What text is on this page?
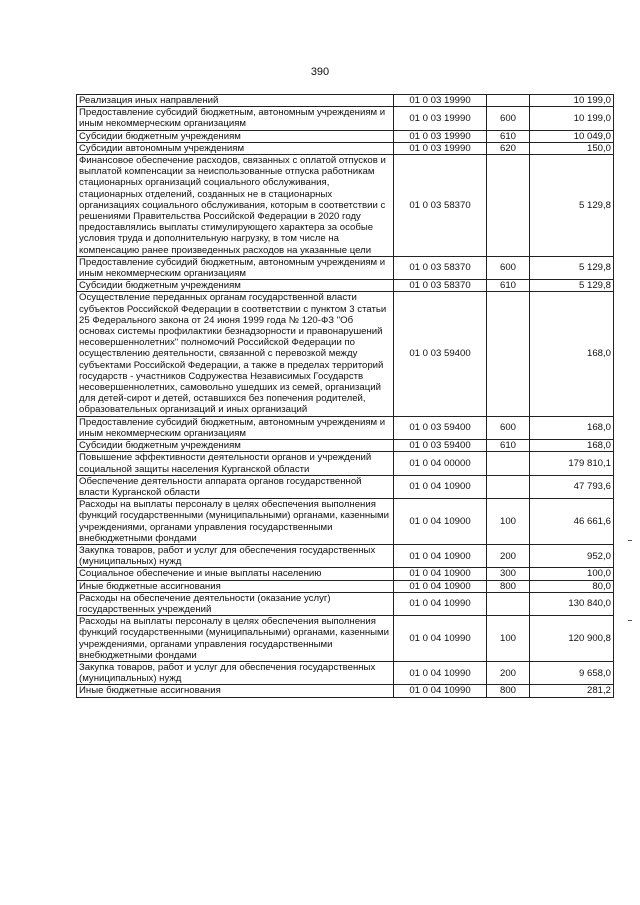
390
Реализация иных направлений	01 0 03 19990		10 199,0
Предоставление субсидий бюджетным, автономным учреждениям и иным некоммерческим организациям	01 0 03 19990	600	10 199,0
Субсидии бюджетным учреждениям	01 0 03 19990	610	10 049,0
Субсидии автономным учреждениям	01 0 03 19990	620	150,0
Финансовое обеспечение расходов, связанных с оплатой отпусков и выплатой компенсации за неиспользованные отпуска работникам стационарных организаций социального обслуживания, стационарных отделений, созданных не в стационарных организациях социального обслуживания, которым в соответствии с решениями Правительства Российской Федерации в 2020 году предоставлялись выплаты стимулирующего характера за особые условия труда и дополнительную нагрузку, в том числе на компенсацию ранее произведенных расходов на указанные цели	01 0 03 58370		5 129,8
Предоставление субсидий бюджетным, автономным учреждениям и иным некоммерческим организациям	01 0 03 58370	600	5 129,8
Субсидии бюджетным учреждениям	01 0 03 58370	610	5 129,8
Осуществление переданных органам государственной власти субъектов Российской Федерации в соответствии с пунктом 3 статьи 25 Федерального закона от 24 июня 1999 года № 120-ФЗ "Об основах системы профилактики безнадзорности и правонарушений несовершеннолетних" полномочий Российской Федерации по осуществлению деятельности, связанной с перевозкой между субъектами Российской Федерации, а также в пределах территорий государств - участников Содружества Независимых Государств несовершеннолетних, самовольно ушедших из семей, организаций для детей-сирот и детей, оставшихся без попечения родителей, образовательных организаций и иных организаций	01 0 03 59400		168,0
Предоставление субсидий бюджетным, автономным учреждениям и иным некоммерческим организациям	01 0 03 59400	600	168,0
Субсидии бюджетным учреждениям	01 0 03 59400	610	168,0
Повышение эффективности деятельности органов и учреждений социальной защиты населения Курганской области	01 0 04 00000		179 810,1
Обеспечение деятельности аппарата органов государственной власти Курганской области	01 0 04 10900		47 793,6
Расходы на выплаты персоналу в целях обеспечения выполнения функций государственными (муниципальными) органами, казенными учреждениями, органами управления государственными внебюджетными фондами	01 0 04 10900	100	46 661,6
Закупка товаров, работ и услуг для обеспечения государственных (муниципальных) нужд	01 0 04 10900	200	952,0
Социальное обеспечение и иные выплаты населению	01 0 04 10900	300	100,0
Иные бюджетные ассигнования	01 0 04 10900	800	80,0
Расходы на обеспечение деятельности (оказание услуг) государственных учреждений	01 0 04 10990		130 840,0
Расходы на выплаты персоналу в целях обеспечения выполнения функций государственными (муниципальными) органами, казенными учреждениями, органами управления государственными внебюджетными фондами	01 0 04 10990	100	120 900,8
Закупка товаров, работ и услуг для обеспечения государственных (муниципальных) нужд	01 0 04 10990	200	9 658,0
Иные бюджетные ассигнования	01 0 04 10990	800	281,2
